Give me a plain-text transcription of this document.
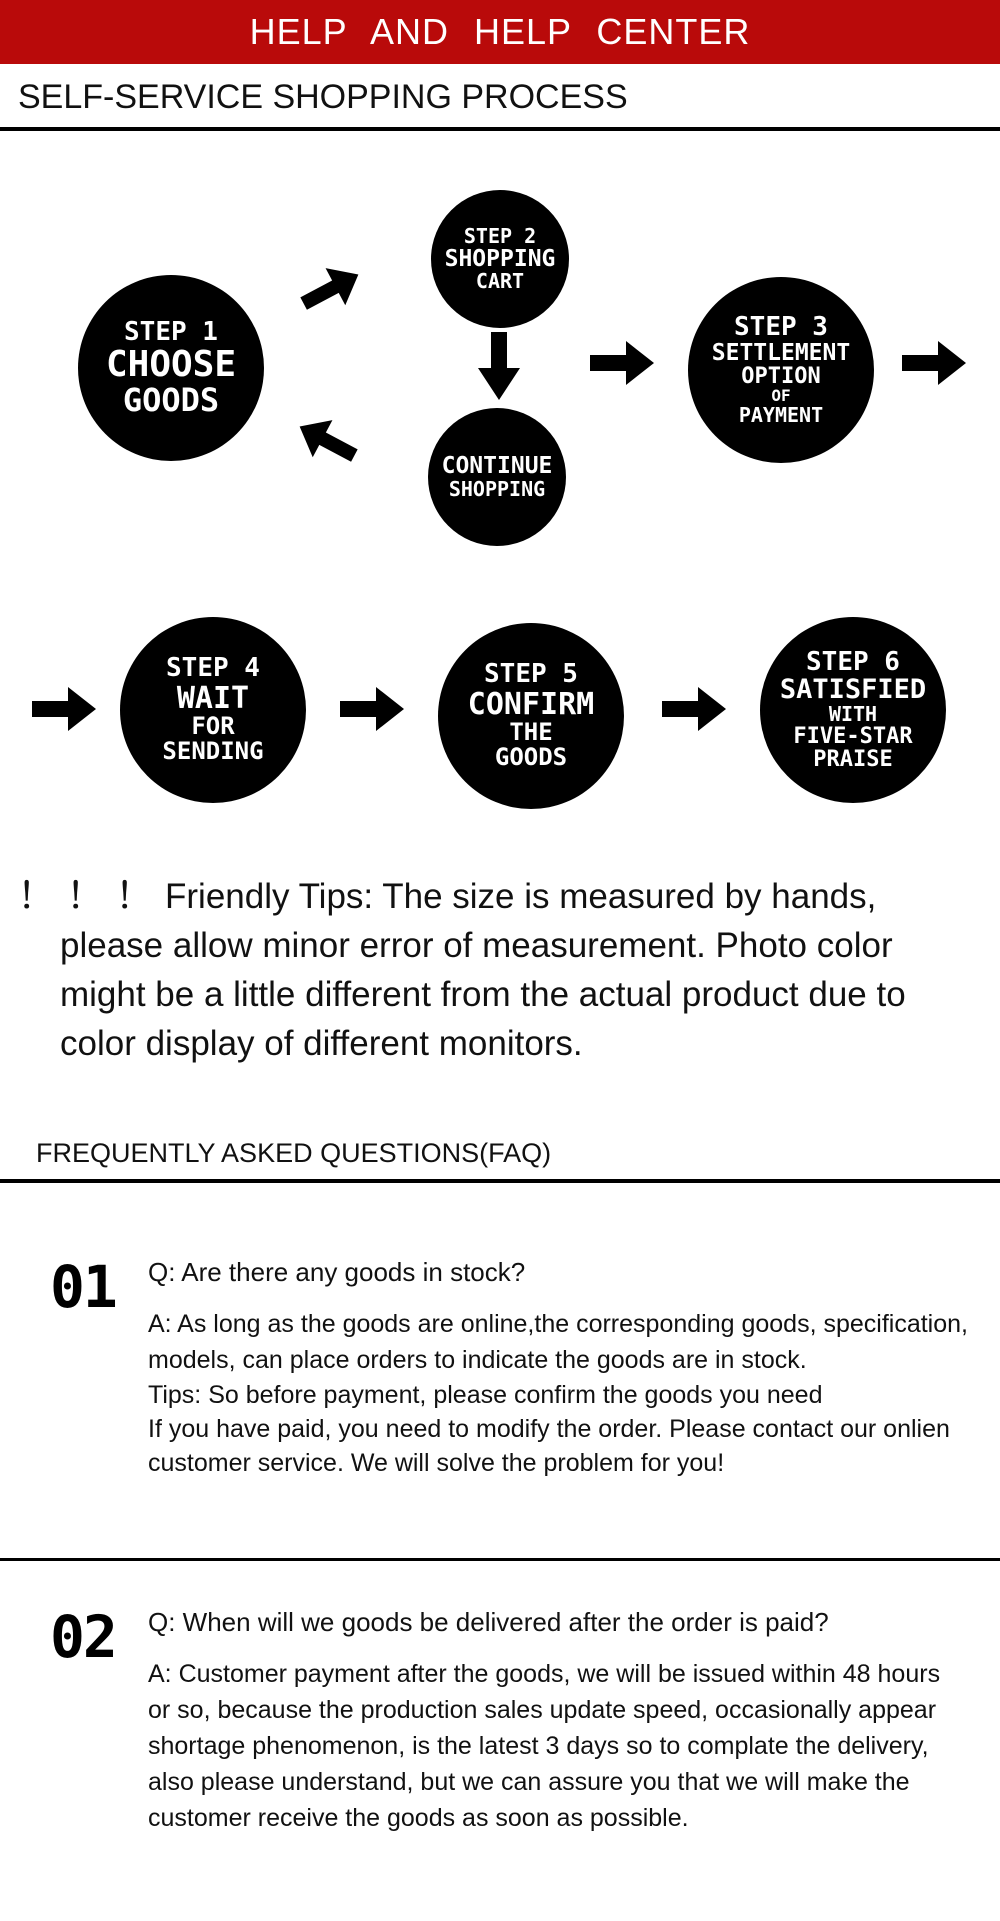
HELP AND HELP CENTER
SELF-SERVICE SHOPPING PROCESS
STEP 1
CHOOSE
GOODS
STEP 2
SHOPPING
CART
CONTINUE
SHOPPING
STEP 3
SETTLEMENT
OPTION
OF
PAYMENT
STEP 4
WAIT
FOR
SENDING
STEP 5
CONFIRM
THE
GOODS
STEP 6
SATISFIED
WITH
FIVE-STAR
PRAISE

！！！Friendly Tips: The size is measured by hands, please allow minor error of measurement. Photo color might be a little different from the actual product due to color display of different monitors.

FREQUENTLY ASKED QUESTIONS(FAQ)
01 Q: Are there any goods in stock?
A: As long as the goods are online,the corresponding goods, specification, models, can place orders to indicate the goods are in stock.
Tips: So before payment, please confirm the goods you need
If you have paid, you need to modify the order. Please contact our onlien customer service. We will solve the problem for you!
02 Q: When will we goods be delivered after the order is paid?
A: Customer payment after the goods, we will be issued within 48 hours or so, because the production sales update speed, occasionally appear shortage phenomenon, is the latest 3 days so to complate the delivery, also please understand, but we can assure you that we will make the customer receive the goods as soon as possible.
